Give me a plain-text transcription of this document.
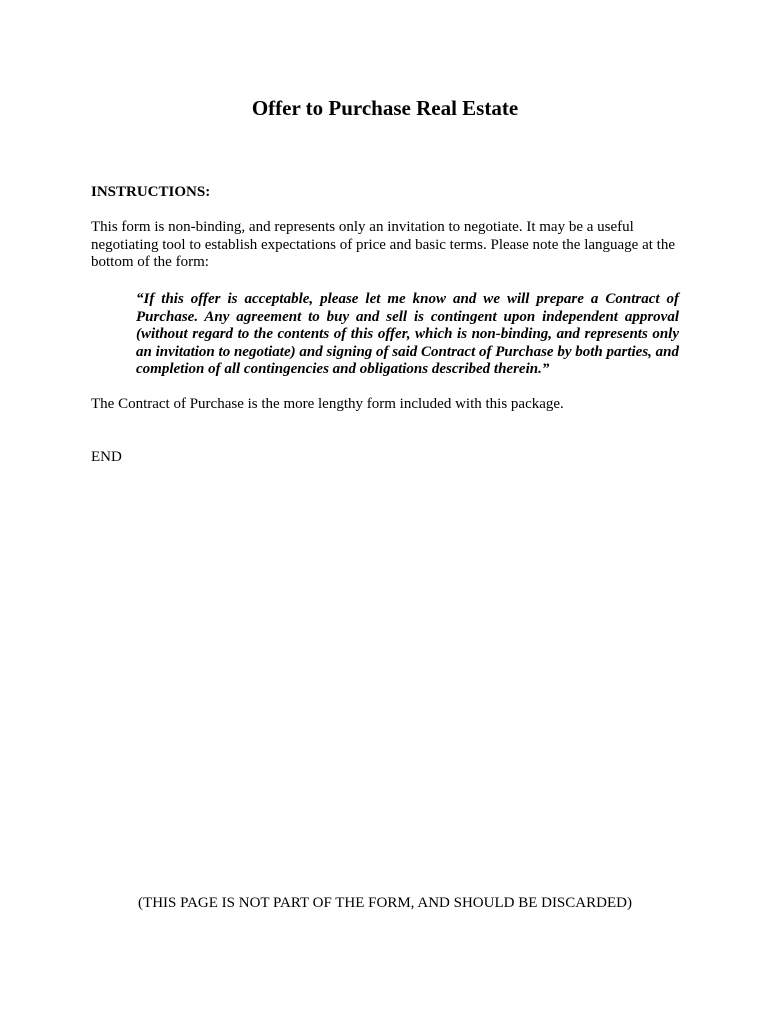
Offer to Purchase Real Estate

INSTRUCTIONS:

This form is non-binding, and represents only an invitation to negotiate. It may be a useful negotiating tool to establish expectations of price and basic terms. Please note the language at the bottom of the form:

“If this offer is acceptable, please let me know and we will prepare a Contract of Purchase. Any agreement to buy and sell is contingent upon independent approval (without regard to the contents of this offer, which is non-binding, and represents only an invitation to negotiate) and signing of said Contract of Purchase by both parties, and completion of all contingencies and obligations described therein.”

The Contract of Purchase is the more lengthy form included with this package.

END

(THIS PAGE IS NOT PART OF THE FORM, AND SHOULD BE DISCARDED)
